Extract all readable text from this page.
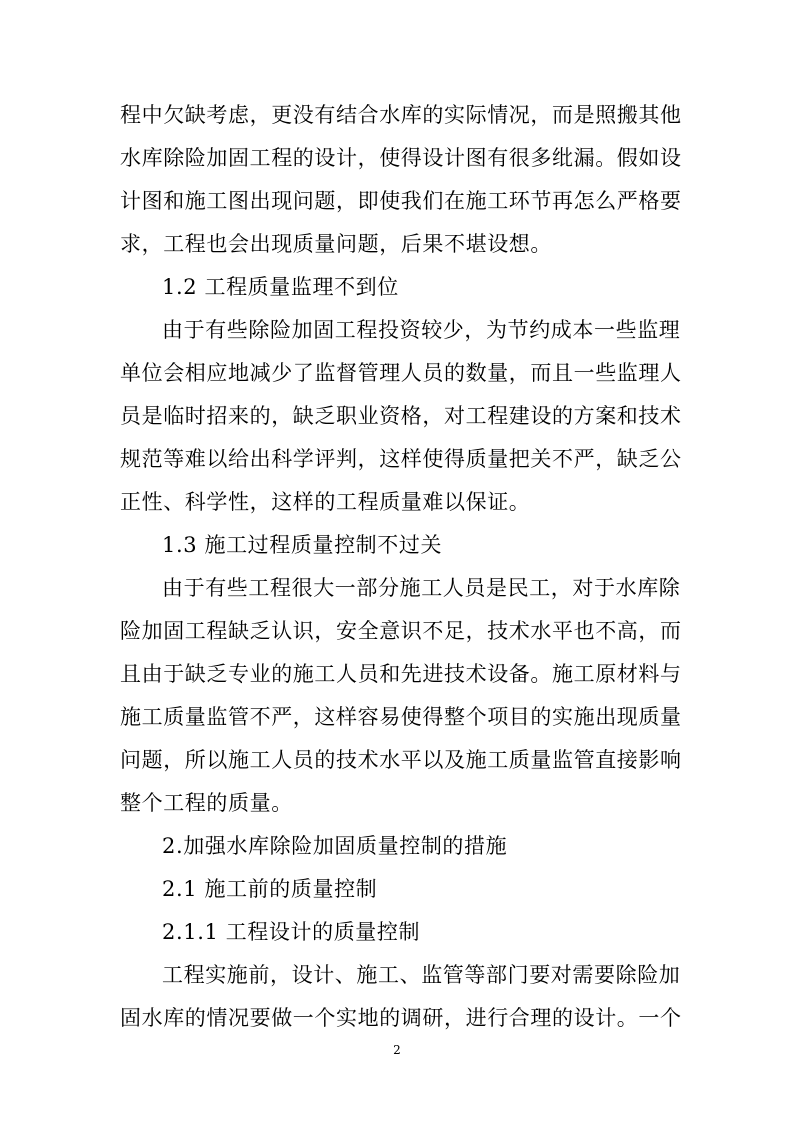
程中欠缺考虑，更没有结合水库的实际情况，而是照搬其他
水库除险加固工程的设计，使得设计图有很多纰漏。假如设
计图和施工图出现问题，即使我们在施工环节再怎么严格要
求，工程也会出现质量问题，后果不堪设想。
1.2 工程质量监理不到位
由于有些除险加固工程投资较少，为节约成本一些监理
单位会相应地减少了监督管理人员的数量，而且一些监理人
员是临时招来的，缺乏职业资格，对工程建设的方案和技术
规范等难以给出科学评判，这样使得质量把关不严，缺乏公
正性、科学性，这样的工程质量难以保证。
1.3 施工过程质量控制不过关
由于有些工程很大一部分施工人员是民工，对于水库除
险加固工程缺乏认识，安全意识不足，技术水平也不高，而
且由于缺乏专业的施工人员和先进技术设备。施工原材料与
施工质量监管不严，这样容易使得整个项目的实施出现质量
问题，所以施工人员的技术水平以及施工质量监管直接影响
整个工程的质量。
2.加强水库除险加固质量控制的措施
2.1 施工前的质量控制
2.1.1 工程设计的质量控制
工程实施前，设计、施工、监管等部门要对需要除险加
固水库的情况要做一个实地的调研，进行合理的设计。一个
2
